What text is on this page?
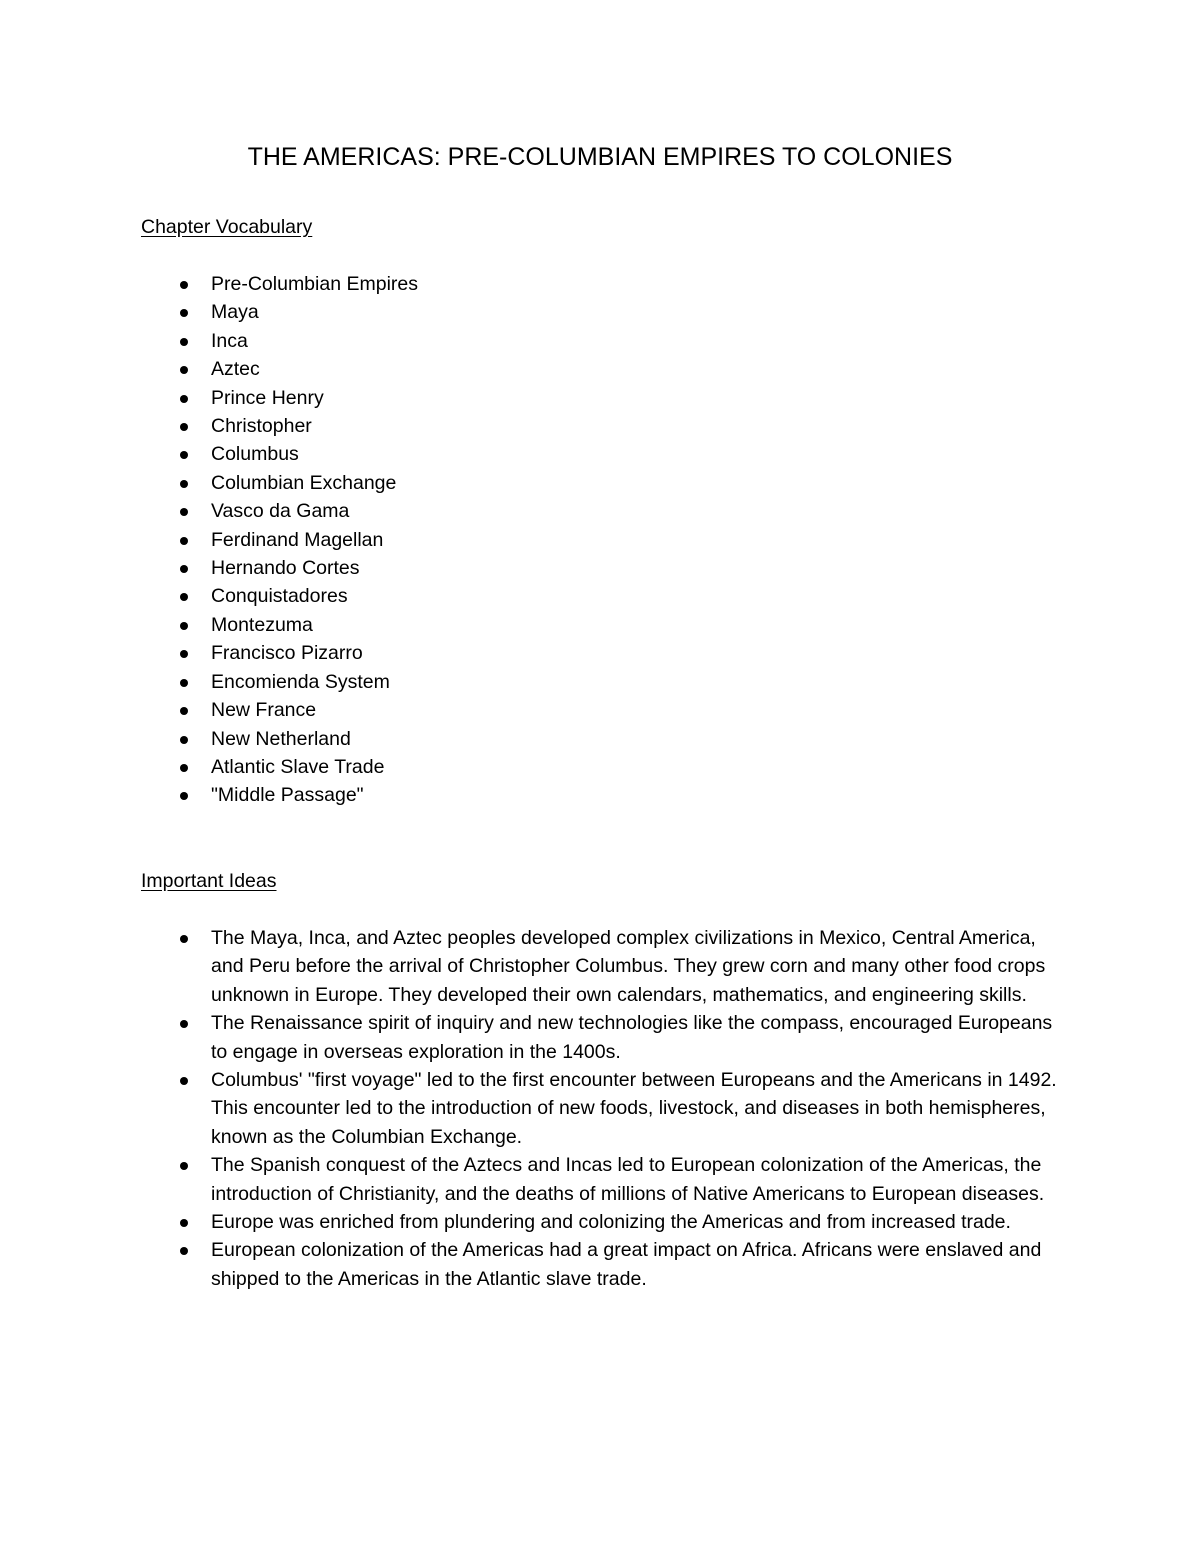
THE AMERICAS: PRE-COLUMBIAN EMPIRES TO COLONIES
Chapter Vocabulary
Pre-Columbian Empires
Maya
Inca
Aztec
Prince Henry
Christopher
Columbus
Columbian Exchange
Vasco da Gama
Ferdinand Magellan
Hernando Cortes
Conquistadores
Montezuma
Francisco Pizarro
Encomienda System
New France
New Netherland
Atlantic Slave Trade
"Middle Passage"
Important Ideas
The Maya, Inca, and Aztec peoples developed complex civilizations in Mexico, Central America, and Peru before the arrival of Christopher Columbus. They grew corn and many other food crops unknown in Europe. They developed their own calendars, mathematics, and engineering skills.
The Renaissance spirit of inquiry and new technologies like the compass, encouraged Europeans to engage in overseas exploration in the 1400s.
Columbus' "first voyage" led to the first encounter between Europeans and the Americans in 1492. This encounter led to the introduction of new foods, livestock, and diseases in both hemispheres, known as the Columbian Exchange.
The Spanish conquest of the Aztecs and Incas led to European colonization of the Americas, the introduction of Christianity, and the deaths of millions of Native Americans to European diseases.
Europe was enriched from plundering and colonizing the Americas and from increased trade.
European colonization of the Americas had a great impact on Africa. Africans were enslaved and shipped to the Americas in the Atlantic slave trade.
